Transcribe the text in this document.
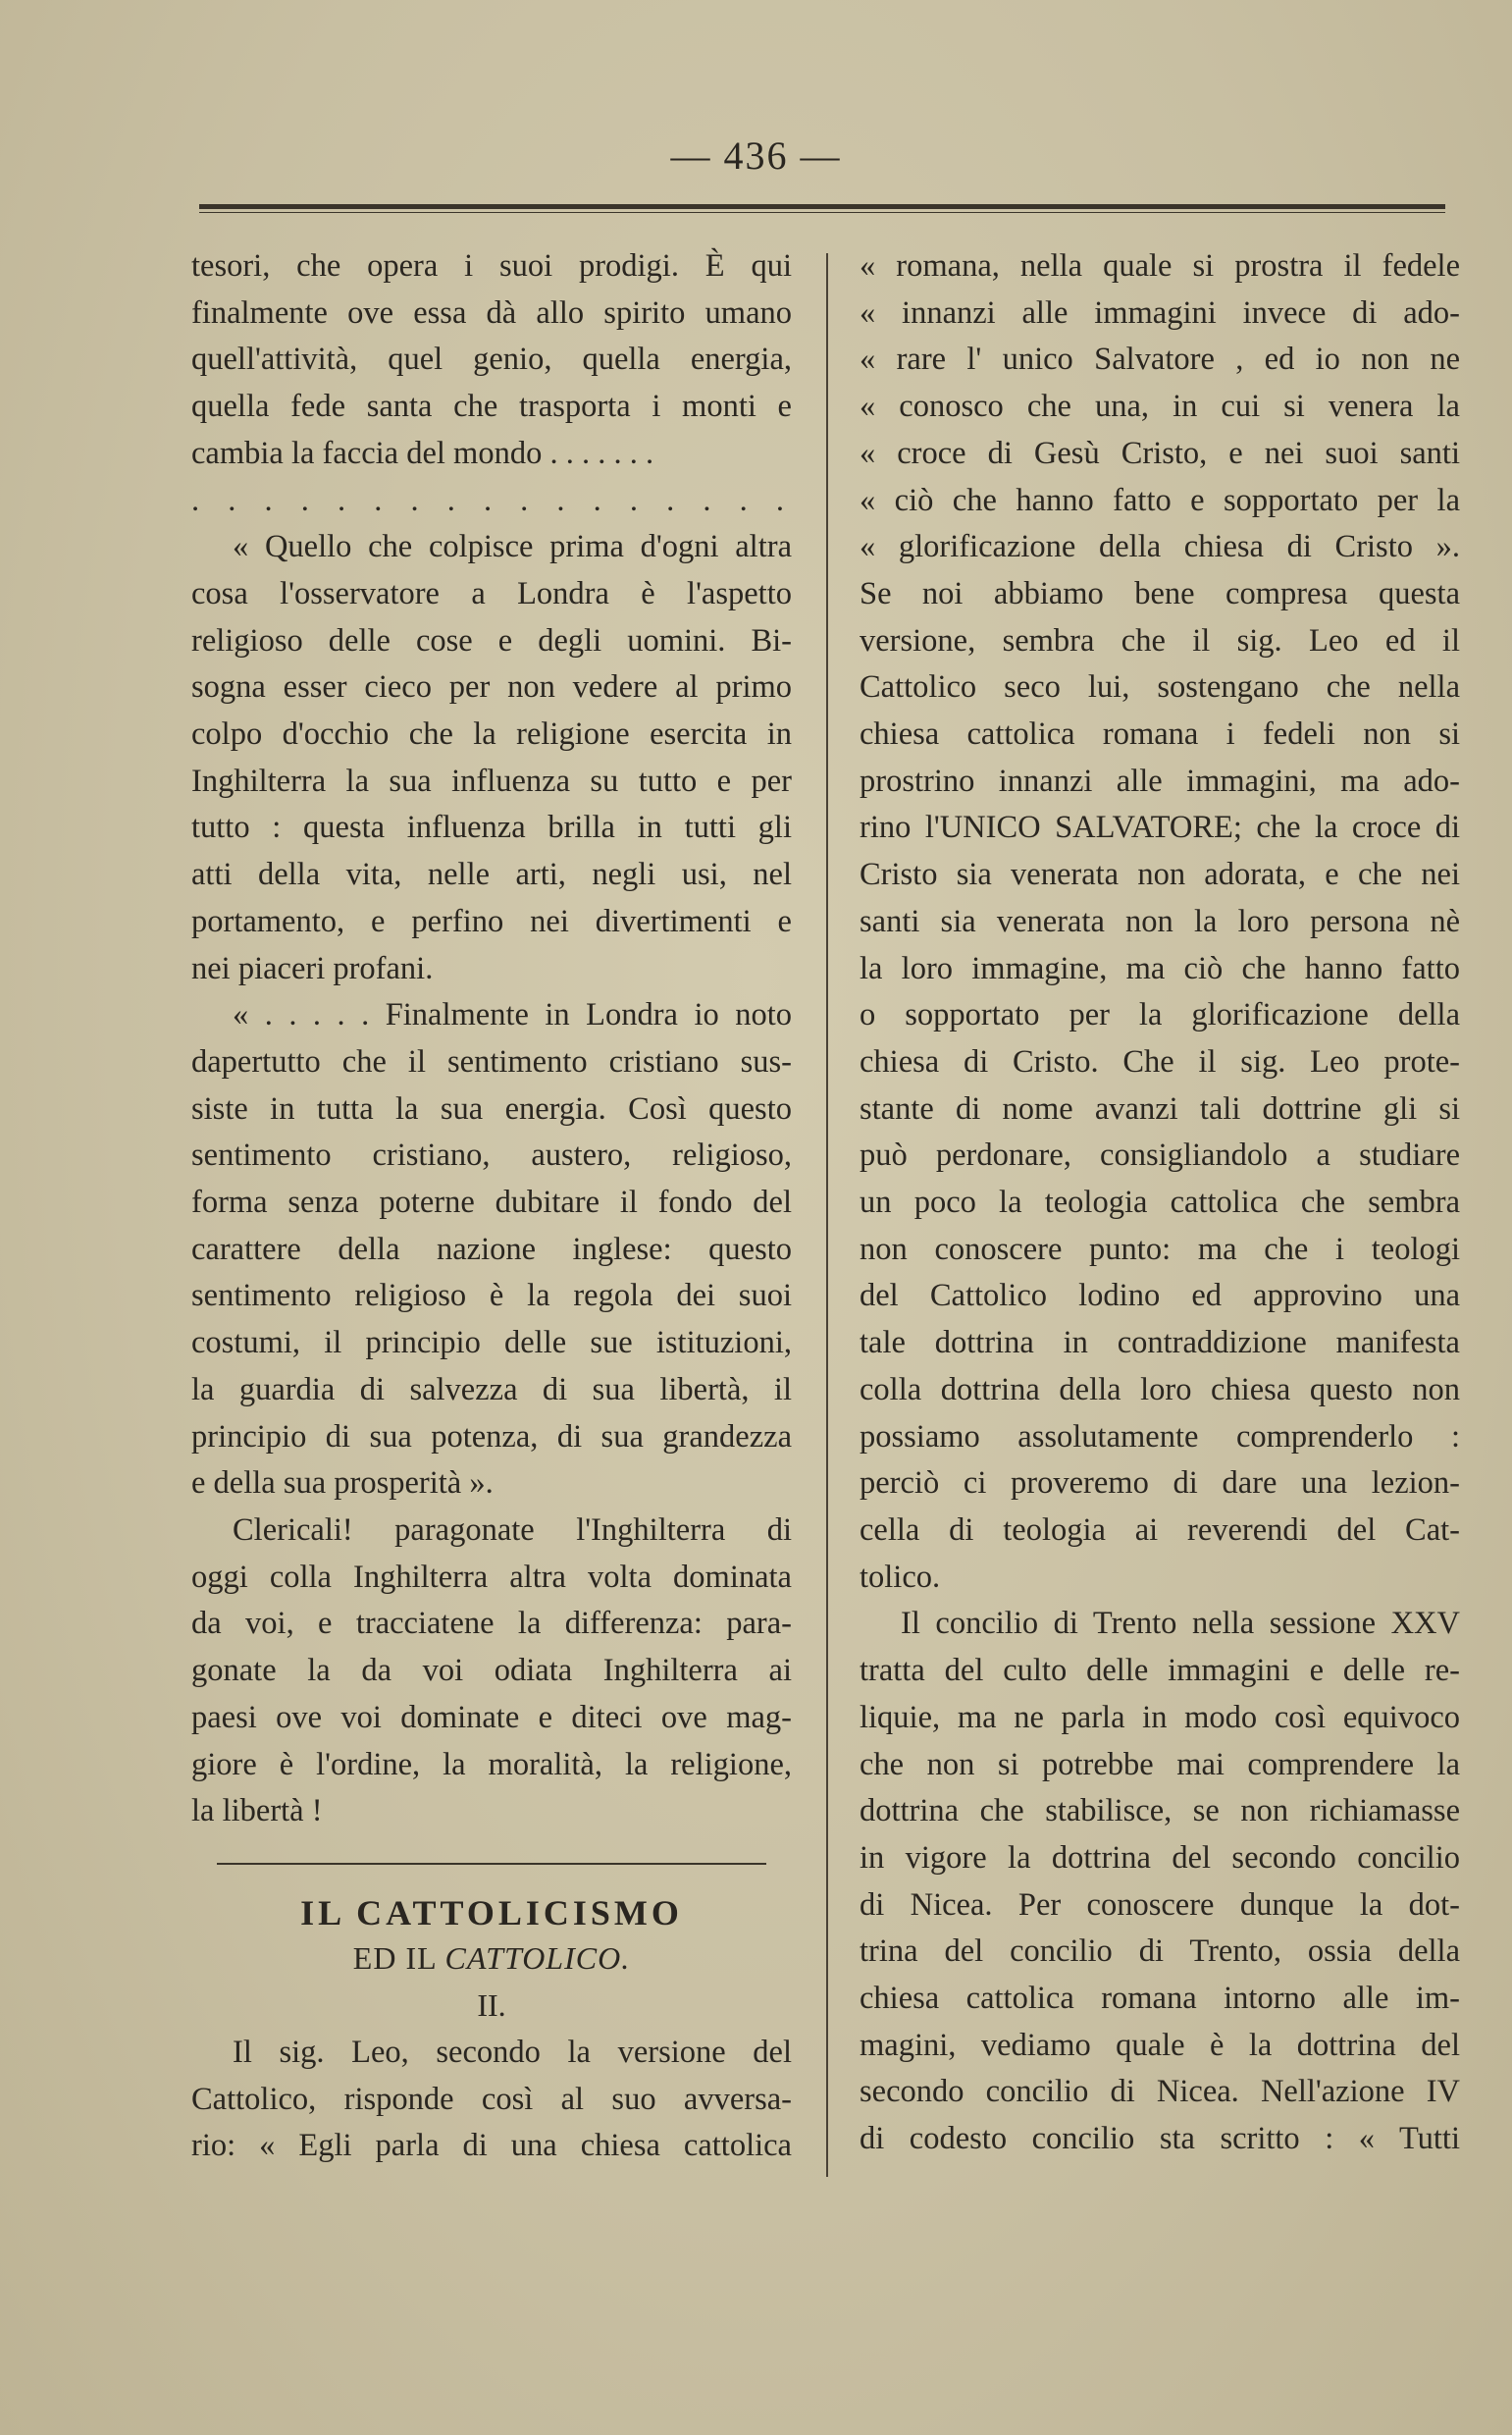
— 436 —
tesori, che opera i suoi prodigi. È qui
finalmente ove essa dà allo spirito umano
quell'attività, quel genio, quella energia,
quella fede santa che trasporta i monti e
cambia la faccia del mondo . . . . . . .
. . . . . . . . . . . . . . . . .
« Quello che colpisce prima d'ogni altra
cosa l'osservatore a Londra è l'aspetto
religioso delle cose e degli uomini. Bi-
sogna esser cieco per non vedere al primo
colpo d'occhio che la religione esercita in
Inghilterra la sua influenza su tutto e per
tutto : questa influenza brilla in tutti gli
atti della vita, nelle arti, negli usi, nel
portamento, e perfino nei divertimenti e
nei piaceri profani.
« . . . . . Finalmente in Londra io noto
dapertutto che il sentimento cristiano sus-
siste in tutta la sua energia. Così questo
sentimento cristiano, austero, religioso,
forma senza poterne dubitare il fondo del
carattere della nazione inglese: questo
sentimento religioso è la regola dei suoi
costumi, il principio delle sue istituzioni,
la guardia di salvezza di sua libertà, il
principio di sua potenza, di sua grandezza
e della sua prosperità ».
Clericali! paragonate l'Inghilterra di
oggi colla Inghilterra altra volta dominata
da voi, e tracciatene la differenza: para-
gonate la da voi odiata Inghilterra ai
paesi ove voi dominate e diteci ove mag-
giore è l'ordine, la moralità, la religione,
la libertà !
IL CATTOLICISMO
ED IL CATTOLICO.
II.
Il sig. Leo, secondo la versione del
Cattolico, risponde così al suo avversa-
rio: « Egli parla di una chiesa cattolica
« romana, nella quale si prostra il fedele
« innanzi alle immagini invece di ado-
« rare l' unico Salvatore , ed io non ne
« conosco che una, in cui si venera la
« croce di Gesù Cristo, e nei suoi santi
« ciò che hanno fatto e sopportato per la
« glorificazione della chiesa di Cristo ».
Se noi abbiamo bene compresa questa
versione, sembra che il sig. Leo ed il
Cattolico seco lui, sostengano che nella
chiesa cattolica romana i fedeli non si
prostrino innanzi alle immagini, ma ado-
rino l'UNICO SALVATORE; che la croce di
Cristo sia venerata non adorata, e che nei
santi sia venerata non la loro persona nè
la loro immagine, ma ciò che hanno fatto
o sopportato per la glorificazione della
chiesa di Cristo. Che il sig. Leo prote-
stante di nome avanzi tali dottrine gli si
può perdonare, consigliandolo a studiare
un poco la teologia cattolica che sembra
non conoscere punto: ma che i teologi
del Cattolico lodino ed approvino una
tale dottrina in contraddizione manifesta
colla dottrina della loro chiesa questo non
possiamo assolutamente comprenderlo :
perciò ci proveremo di dare una lezion-
cella di teologia ai reverendi del Cat-
tolico.
Il concilio di Trento nella sessione XXV
tratta del culto delle immagini e delle re-
liquie, ma ne parla in modo così equivoco
che non si potrebbe mai comprendere la
dottrina che stabilisce, se non richiamasse
in vigore la dottrina del secondo concilio
di Nicea. Per conoscere dunque la dot-
trina del concilio di Trento, ossia della
chiesa cattolica romana intorno alle im-
magini, vediamo quale è la dottrina del
secondo concilio di Nicea. Nell'azione IV
di codesto concilio sta scritto : « Tutti
